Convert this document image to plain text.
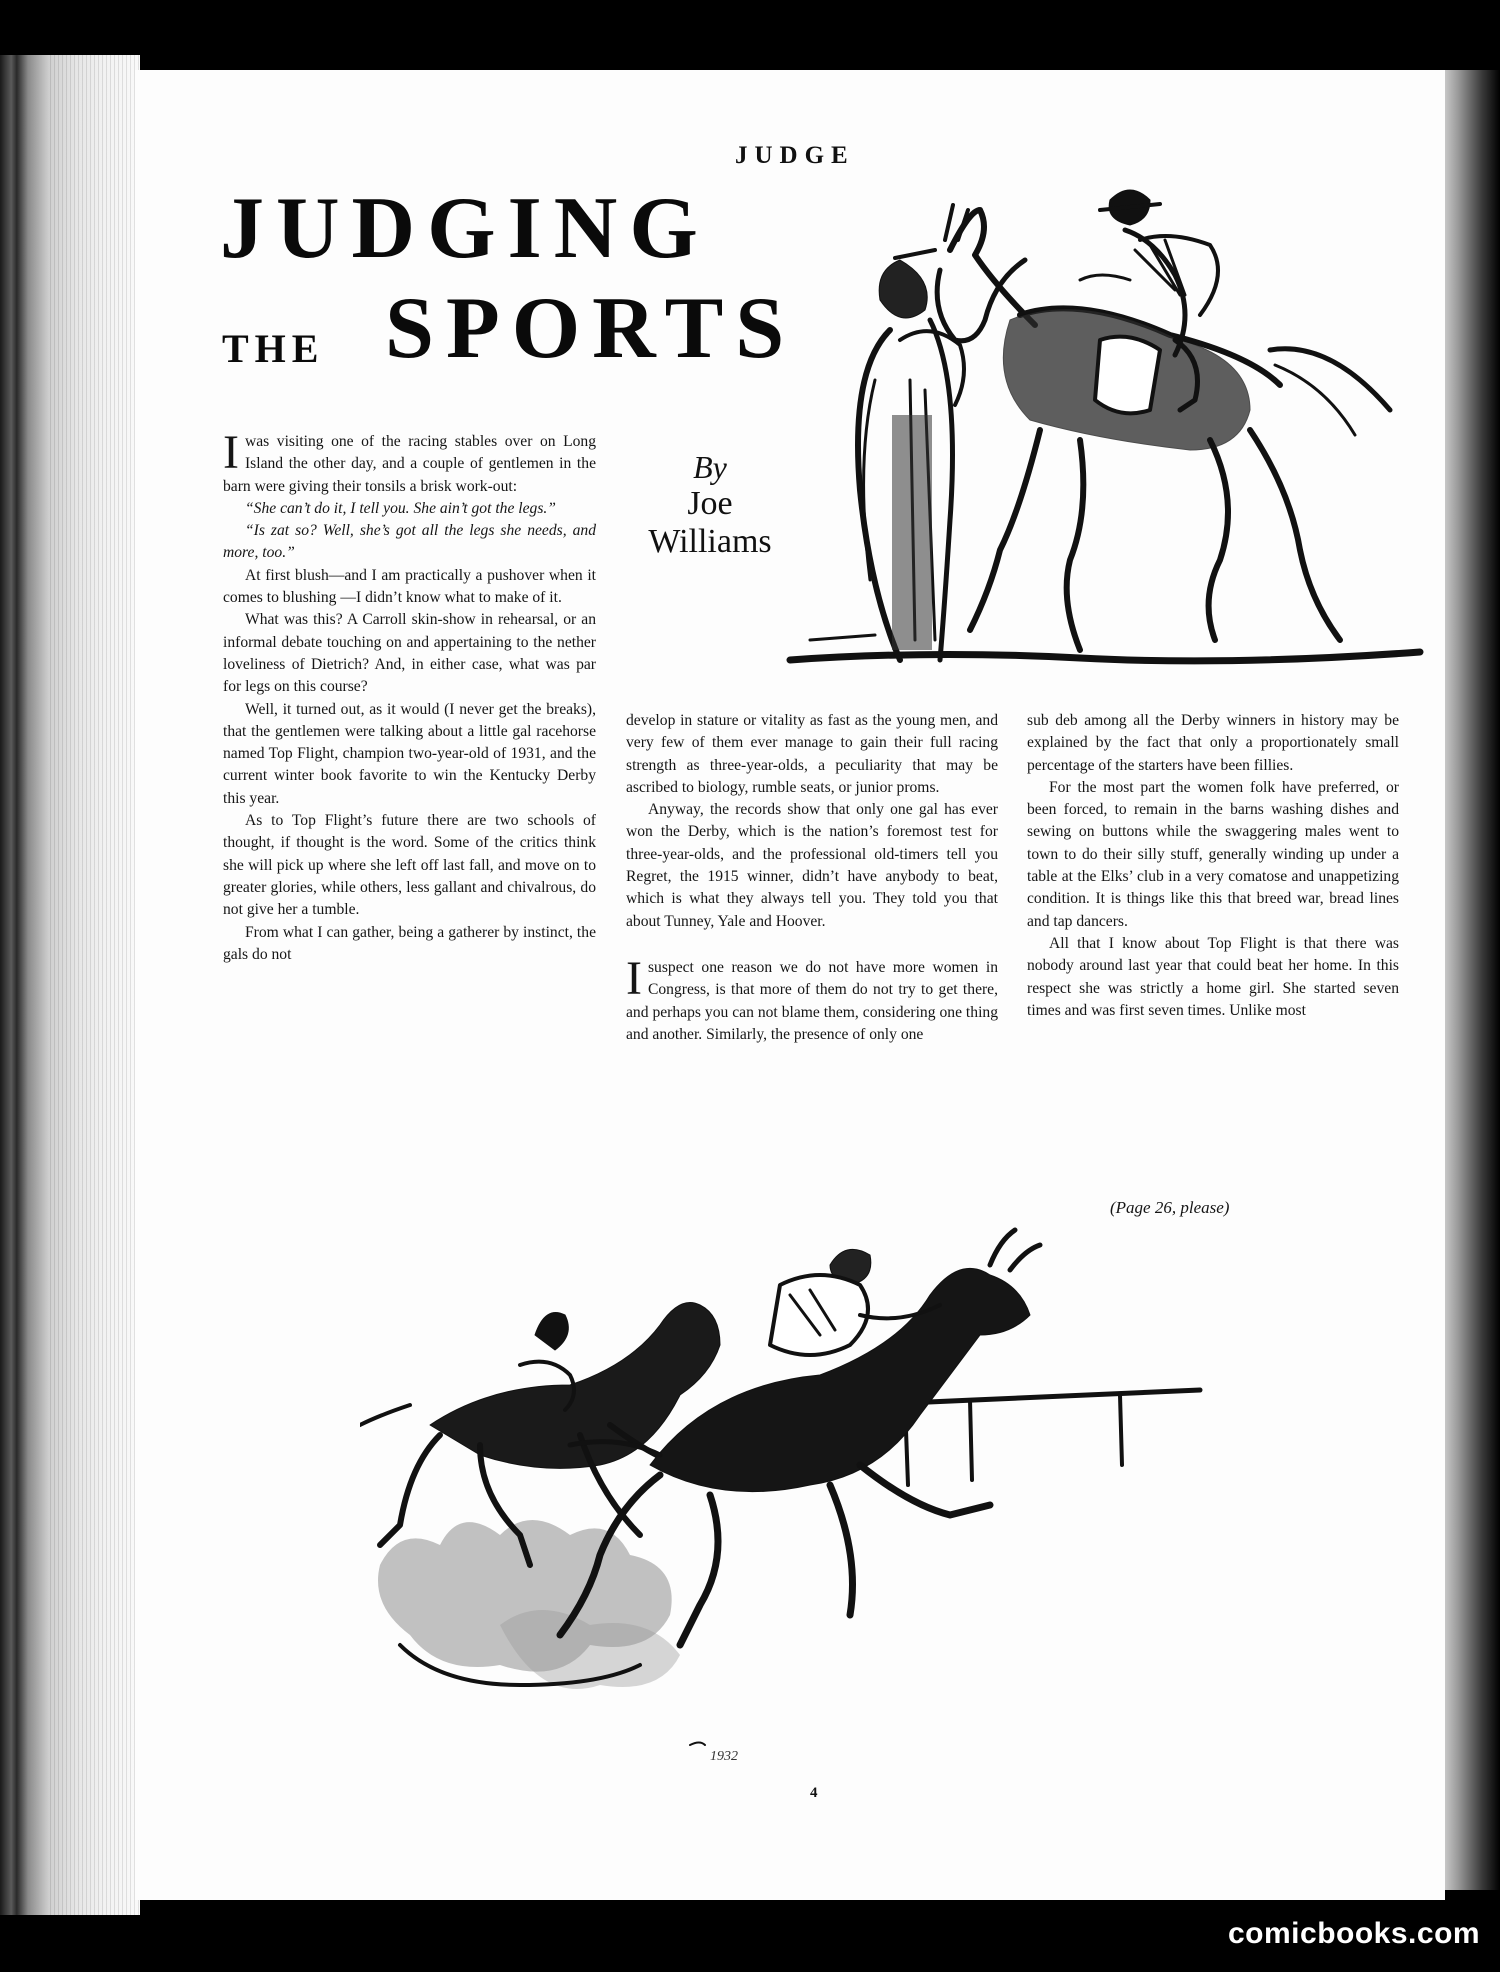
JUDGE
JUDGING
THE SPORTS
By
Joe
Williams

Iwas visiting one of the racing stables over on Long Island the other day, and a couple of gentlemen in the barn were giving their tonsils a brisk work-out:

“She can’t do it, I tell you. She ain’t got the legs.”

“Is zat so? Well, she’s got all the legs she needs, and more, too.”

At first blush—and I am practically a pushover when it comes to blushing —I didn’t know what to make of it.

What was this? A Carroll skin-show in rehearsal, or an informal debate touching on and appertaining to the nether loveliness of Dietrich? And, in either case, what was par for legs on this course?

Well, it turned out, as it would (I never get the breaks), that the gentlemen were talking about a little gal racehorse named Top Flight, champion two-year-old of 1931, and the current winter book favorite to win the Kentucky Derby this year.

As to Top Flight’s future there are two schools of thought, if thought is the word. Some of the critics think she will pick up where she left off last fall, and move on to greater glories, while others, less gallant and chivalrous, do not give her a tumble.

From what I can gather, being a gatherer by instinct, the gals do not

develop in stature or vitality as fast as the young men, and very few of them ever manage to gain their full racing strength as three-year-olds, a peculiarity that may be ascribed to biology, rumble seats, or junior proms.

Anyway, the records show that only one gal has ever won the Derby, which is the nation’s foremost test for three-year-olds, and the professional old-timers tell you Regret, the 1915 winner, didn’t have anybody to beat, which is what they always tell you. They told you that about Tunney, Yale and Hoover.

Isuspect one reason we do not have more women in Congress, is that more of them do not try to get there, and perhaps you can not blame them, considering one thing and another. Similarly, the presence of only one

sub deb among all the Derby winners in history may be explained by the fact that only a proportionately small percentage of the starters have been fillies.

For the most part the women folk have preferred, or been forced, to remain in the barns washing dishes and sewing on buttons while the swaggering males went to town to do their silly stuff, generally winding up under a table at the Elks’ club in a very comatose and unappetizing condition. It is things like this that breed war, bread lines and tap dancers.

All that I know about Top Flight is that there was nobody around last year that could beat her home. In this respect she was strictly a home girl. She started seven times and was first seven times. Unlike most

(Page 26, please)
1932
4
comicbooks.com
